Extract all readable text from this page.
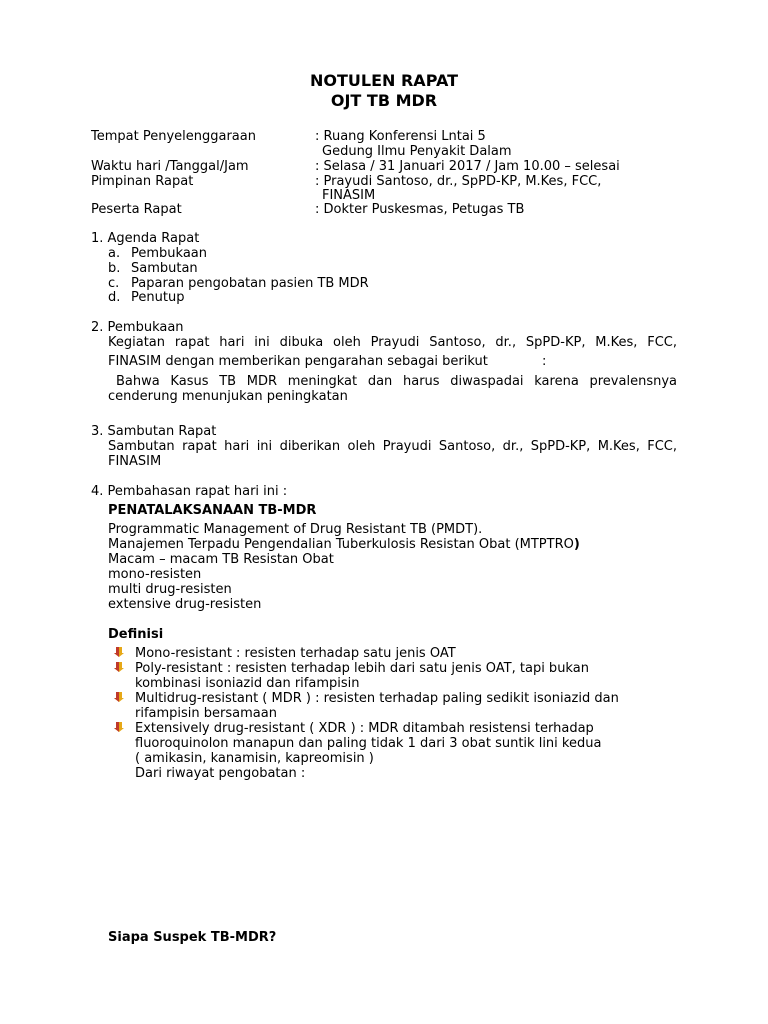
NOTULEN RAPAT
OJT TB MDR
Tempat Penyelenggaraan	: Ruang Konferensi Lntai 5
Gedung Ilmu Penyakit Dalam
Waktu hari /Tanggal/Jam	: Selasa / 31 Januari 2017 / Jam 10.00 – selesai
Pimpinan Rapat	: Prayudi Santoso, dr., SpPD-KP, M.Kes, FCC,
FINASIM
Peserta Rapat	: Dokter Puskesmas, Petugas TB
1. Agenda Rapat
a. Pembukaan
b. Sambutan
c. Paparan pengobatan pasien TB MDR
d. Penutup
2. Pembukaan
Kegiatan rapat hari ini dibuka oleh Prayudi Santoso, dr., SpPD-KP, M.Kes, FCC,
FINASIM dengan memberikan pengarahan sebagai berikut	:
Bahwa Kasus TB MDR meningkat dan harus diwaspadai karena prevalensnya
cenderung menunjukan peningkatan
3. Sambutan Rapat
Sambutan rapat hari ini diberikan oleh Prayudi Santoso, dr., SpPD-KP, M.Kes, FCC,
FINASIM
4. Pembahasan rapat hari ini :
PENATALAKSANAAN TB-MDR
Programmatic Management of Drug Resistant TB (PMDT).
Manajemen Terpadu Pengendalian Tuberkulosis Resistan Obat (MTPTRO)
Macam – macam TB Resistan Obat
mono-resisten
multi drug-resisten
extensive drug-resisten
Definisi
Mono-resistant : resisten terhadap satu jenis OAT
Poly-resistant : resisten terhadap lebih dari satu jenis OAT, tapi bukan
kombinasi isoniazid dan rifampisin
Multidrug-resistant ( MDR ) : resisten terhadap paling sedikit isoniazid dan
rifampisin bersamaan
Extensively drug-resistant ( XDR ) : MDR ditambah resistensi terhadap
fluoroquinolon manapun dan paling tidak 1 dari 3 obat suntik lini kedua
( amikasin, kanamisin, kapreomisin )
Dari riwayat pengobatan :
Siapa Suspek TB-MDR?
